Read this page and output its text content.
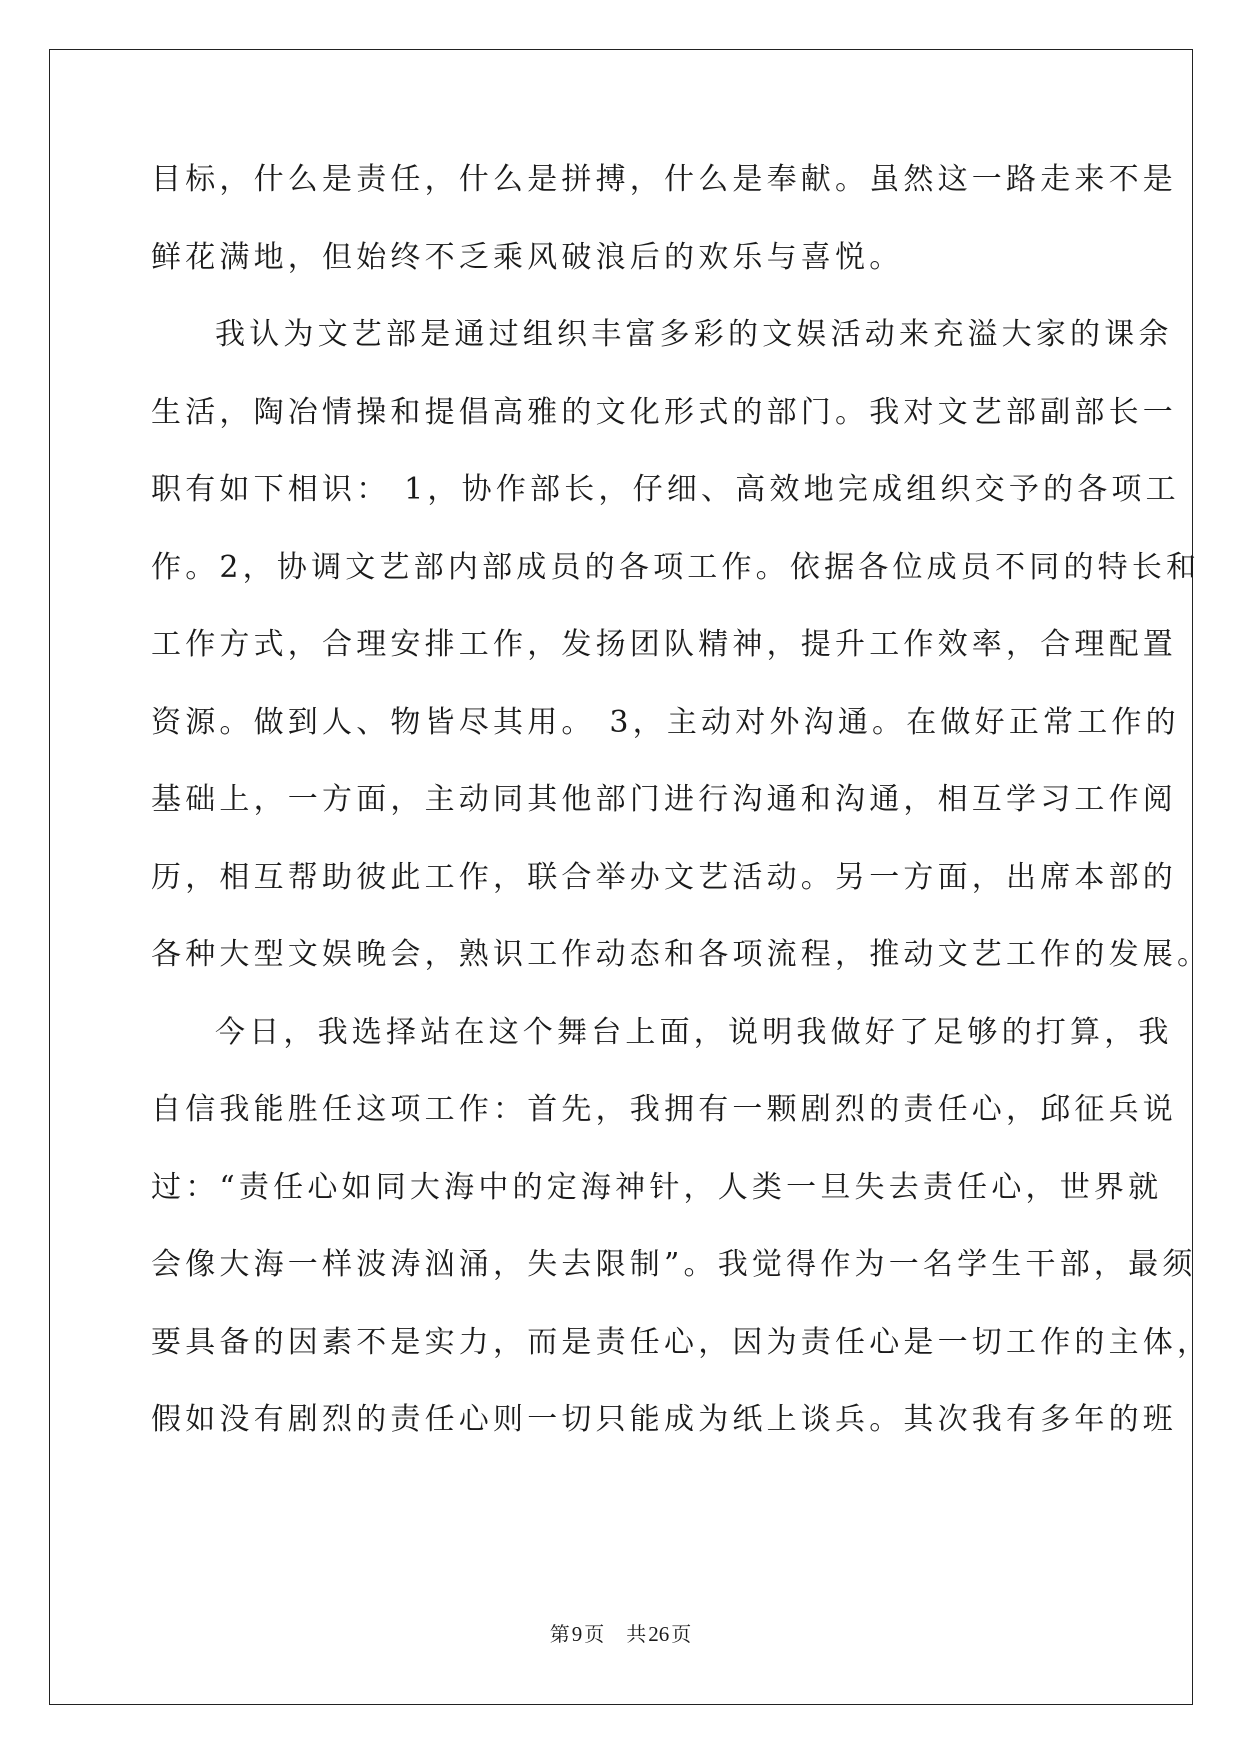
目标，什么是责任，什么是拼搏，什么是奉献。虽然这一路走来不是
鲜花满地，但始终不乏乘风破浪后的欢乐与喜悦。
我认为文艺部是通过组织丰富多彩的文娱活动来充溢大家的课余
生活，陶冶情操和提倡高雅的文化形式的部门。我对文艺部副部长一
职有如下相识： 1，协作部长，仔细、高效地完成组织交予的各项工
作。2，协调文艺部内部成员的各项工作。依据各位成员不同的特长和
工作方式，合理安排工作，发扬团队精神，提升工作效率，合理配置
资源。做到人、物皆尽其用。 3，主动对外沟通。在做好正常工作的
基础上，一方面，主动同其他部门进行沟通和沟通，相互学习工作阅
历，相互帮助彼此工作，联合举办文艺活动。另一方面，出席本部的
各种大型文娱晚会，熟识工作动态和各项流程，推动文艺工作的发展。
今日，我选择站在这个舞台上面，说明我做好了足够的打算，我
自信我能胜任这项工作：首先，我拥有一颗剧烈的责任心，邱征兵说
过：“责任心如同大海中的定海神针，人类一旦失去责任心，世界就
会像大海一样波涛汹涌，失去限制”。我觉得作为一名学生干部，最须
要具备的因素不是实力，而是责任心，因为责任心是一切工作的主体，
假如没有剧烈的责任心则一切只能成为纸上谈兵。其次我有多年的班
第9 页 共26 页
